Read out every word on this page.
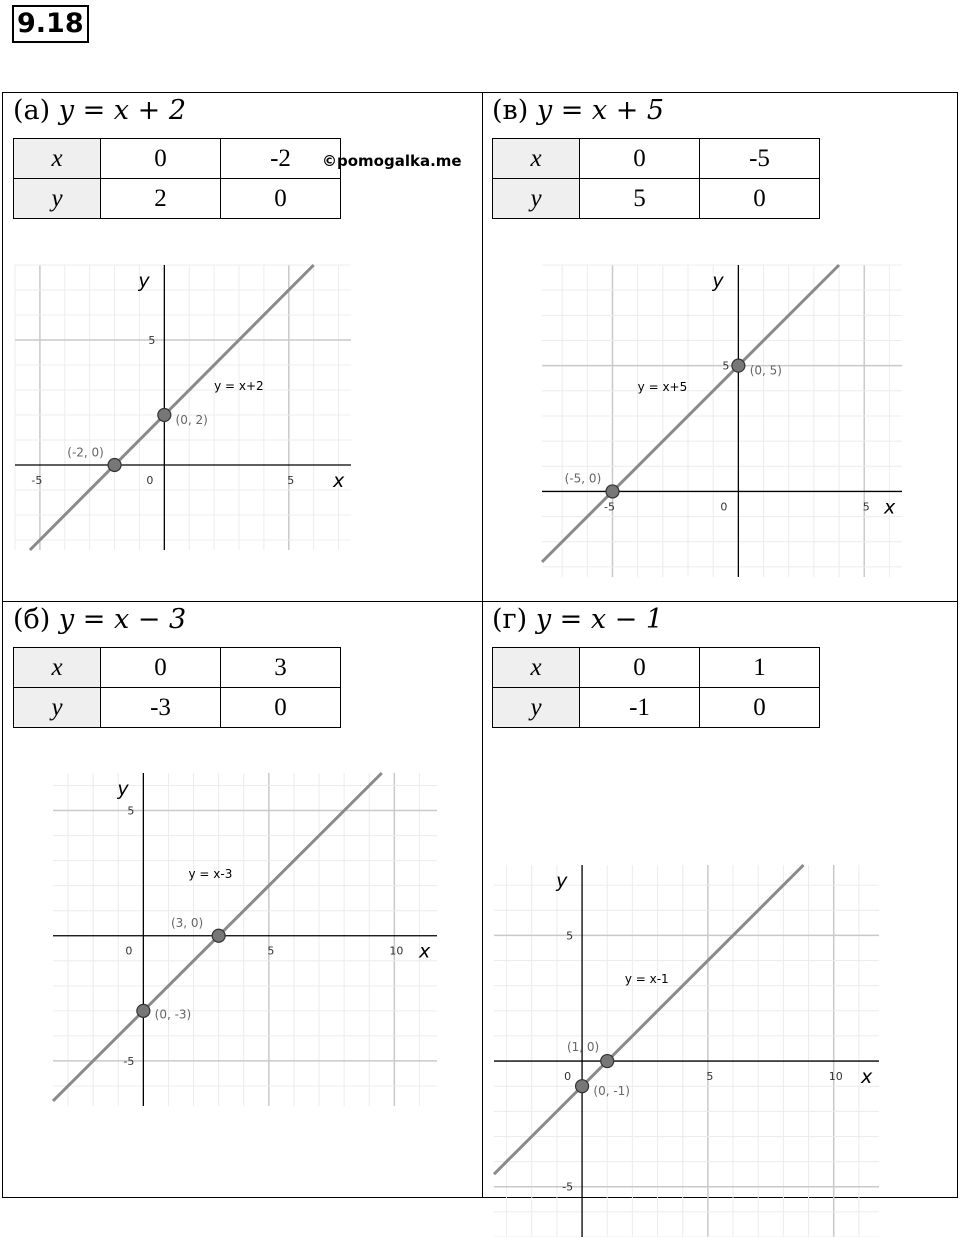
9.18
(а) y = x + 2
x	0	-2
y	2	0
-5	5
5
0	x
y
y = x+2
(0, 2)
(-2, 0)
(в) y = x + 5
x	0	-5
y	5	0
-5	5
5
0	x
y
y = x+5
(0, 5)
(-5, 0)
(б) y = x − 3
x	0	3
y	-3	0
5	10
5
-5
0	x
y
y = x-3
(3, 0)
(0, -3)
(г) y = x − 1
x	0	1
y	-1	0
5	10
5
-5
0	x
y
y = x-1
(1, 0)
(0, -1)
©pomogalka.me
